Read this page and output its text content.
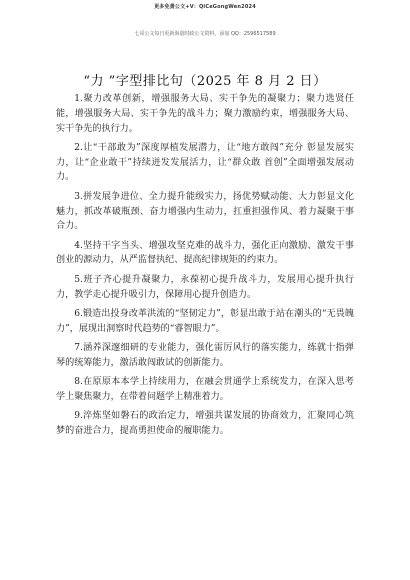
更多免费公文+V：QiCeGongWen2024
七哥公文每日更新海量时政公文资料，添加 QQ：2596517589
“力 ”字型排比句（2025 年 8 月 2 日）

1.聚力改革创新，增强服务大局、实干争先的凝聚力；聚力选贤任能，增强服务大局、实干争先的战斗力；聚力激励约束，增强服务大局、实干争先的执行力。

2.让“干部敢为”深度厚植发展潜力，让“地方敢闯”充分 彰显发展实力，让“企业敢干”持续迸发发展活力，让“群众敢 首创”全面增强发展动力。

3.拼发展争进位、全力提升能级实力，扬优势赋动能、大力彰显文化魅力，抓改革破瓶颈、奋力增强内生动力，扛重担强作风、着力凝聚干事合力。

4.坚持干字当头、增强攻坚克难的战斗力，强化正向激励、激发干事创业的源动力，从严监督执纪、提高纪律规矩的约束力。

5.班子齐心提升凝聚力，永葆初心提升战斗力，发展用心提升执行力，教学走心提升吸引力，保障用心提升创造力。

6.锻造出投身改革洪流的“坚韧定力”，彰显出敢于站在潮头的“无畏魄力”，展现出洞察时代趋势的“睿智眼力”。

7.涵养深邃细研的专业能力，强化雷厉风行的落实能力，练就十指弹琴的统筹能力，激活敢闯敢试的创新能力。

8.在原原本本学上持续用力，在融会贯通学上系统发力，在深入思考学上聚焦聚力，在带着问题学上精准着力。

9.淬炼坚如磐石的政治定力，增强共谋发展的协商效力，汇聚同心筑梦的奋进合力，提高勇担使命的履职能力。
